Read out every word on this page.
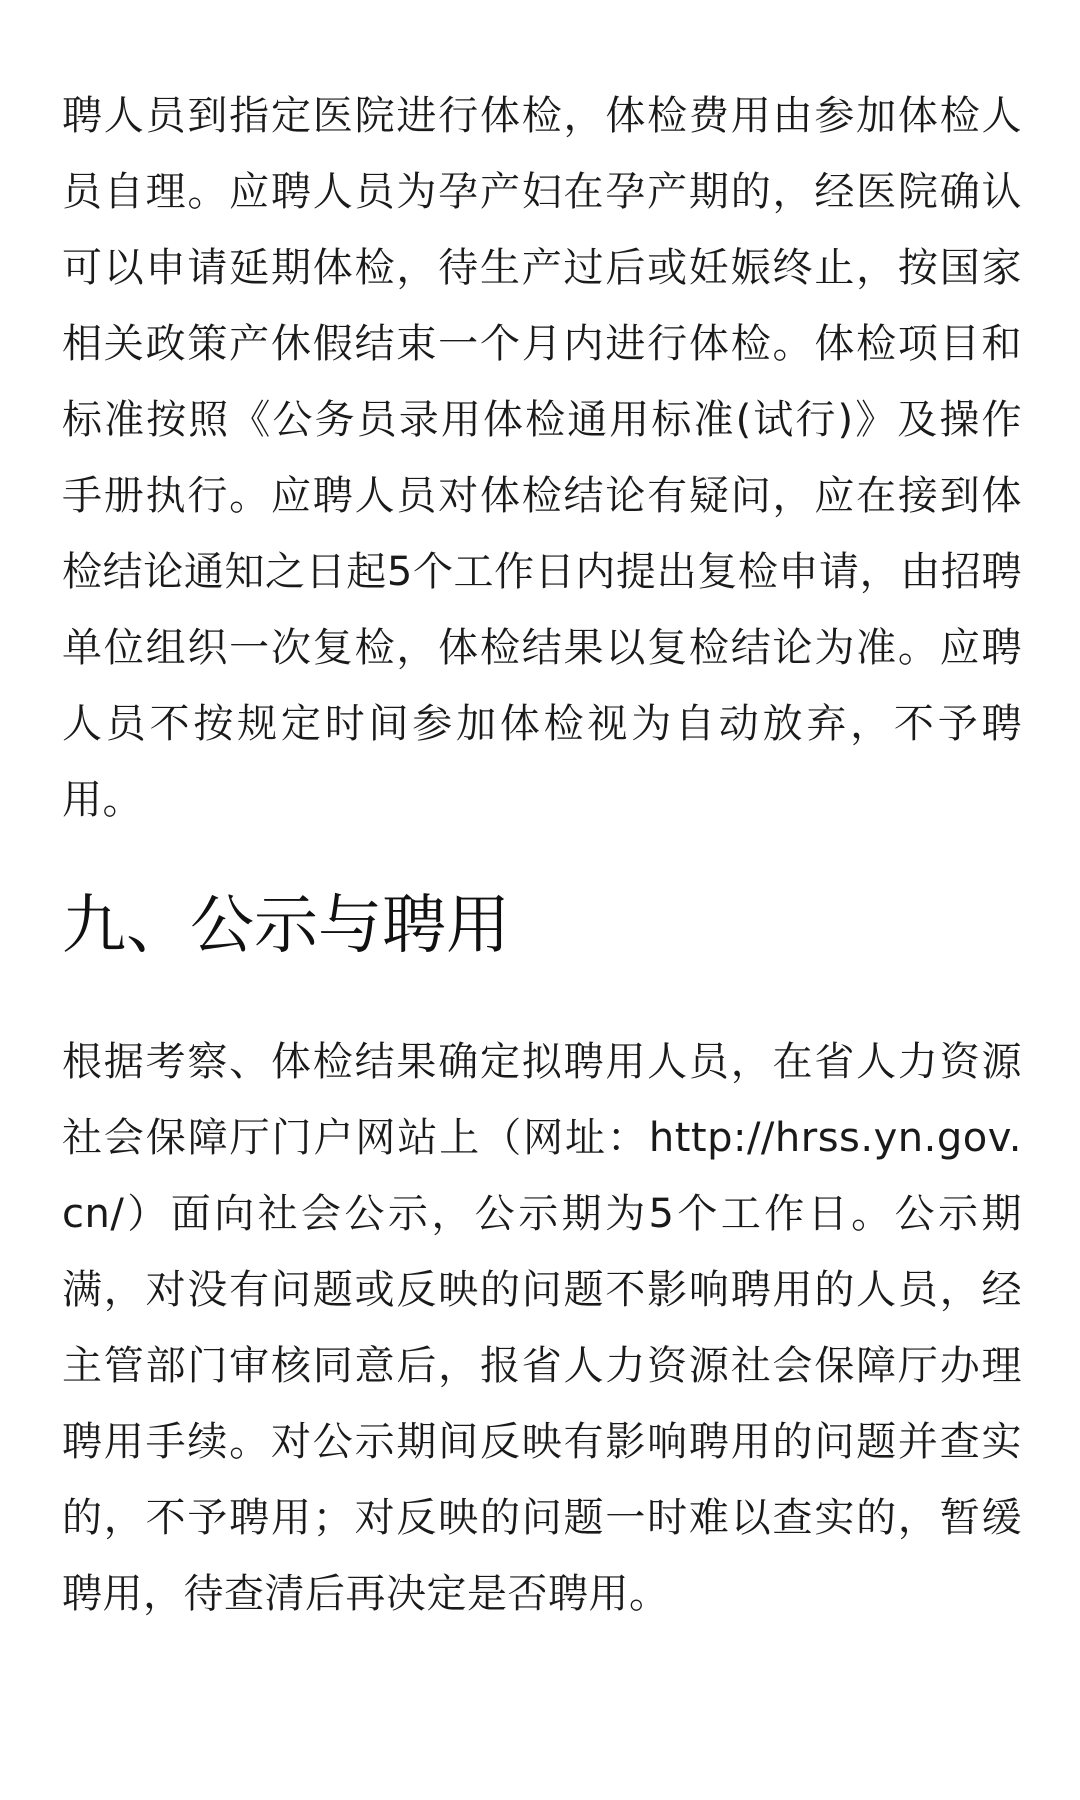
聘人员到指定医院进行体检，体检费用由参加体检人员自理。应聘人员为孕产妇在孕产期的，经医院确认可以申请延期体检，待生产过后或妊娠终止，按国家相关政策产休假结束一个月内进行体检。体检项目和标准按照《公务员录用体检通用标准(试行)》及操作手册执行。应聘人员对体检结论有疑问，应在接到体检结论通知之日起5个工作日内提出复检申请，由招聘单位组织一次复检，体检结果以复检结论为准。应聘人员不按规定时间参加体检视为自动放弃，不予聘用。

九、公示与聘用

根据考察、体检结果确定拟聘用人员，在省人力资源社会保障厅门户网站上（网址：http://hrss.yn.gov.cn/）面向社会公示，公示期为5个工作日。公示期满，对没有问题或反映的问题不影响聘用的人员，经主管部门审核同意后，报省人力资源社会保障厅办理聘用手续。对公示期间反映有影响聘用的问题并查实的，不予聘用；对反映的问题一时难以查实的，暂缓聘用，待查清后再决定是否聘用。
